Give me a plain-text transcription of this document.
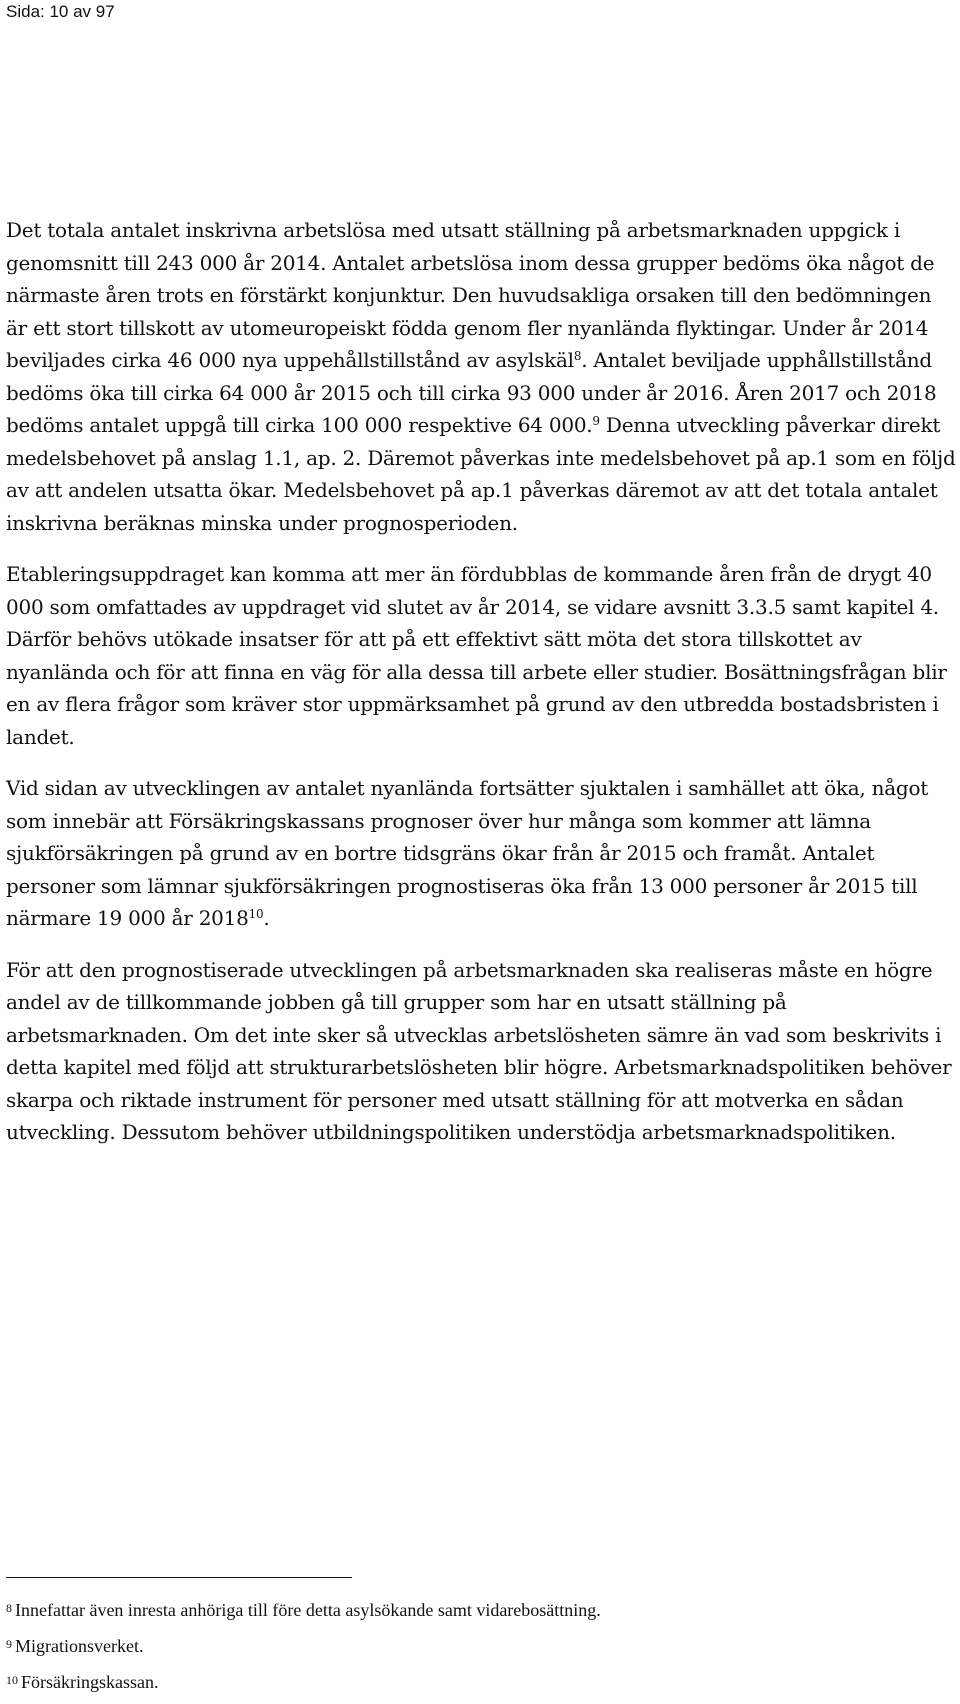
Sida: 10 av 97

Det totala antalet inskrivna arbetslösa med utsatt ställning på arbetsmarknaden uppgick i genomsnitt till 243 000 år 2014. Antalet arbetslösa inom dessa grupper bedöms öka något de närmaste åren trots en förstärkt konjunktur. Den huvudsakliga orsaken till den bedömningen är ett stort tillskott av utomeuropeiskt födda genom fler nyanlända flyktingar. Under år 2014 beviljades cirka 46 000 nya uppehållstillstånd av asylskäl$^8$. Antalet beviljade upphållstillstånd bedöms öka till cirka 64 000 år 2015 och till cirka 93 000 under år 2016. Åren 2017 och 2018 bedöms antalet uppgå till cirka 100 000 respektive 64 000.$^9$ Denna utveckling påverkar direkt medelsbehovet på anslag 1.1, ap. 2. Däremot påverkas inte medelsbehovet på ap.1 som en följd av att andelen utsatta ökar. Medelsbehovet på ap.1 påverkas däremot av att det totala antalet inskrivna beräknas minska under prognosperioden.

Etableringsuppdraget kan komma att mer än fördubblas de kommande åren från de drygt 40 000 som omfattades av uppdraget vid slutet av år 2014, se vidare avsnitt 3.3.5 samt kapitel 4. Därför behövs utökade insatser för att på ett effektivt sätt möta det stora tillskottet av nyanlända och för att finna en väg för alla dessa till arbete eller studier. Bosättningsfrågan blir en av flera frågor som kräver stor uppmärksamhet på grund av den utbredda bostadsbristen i landet.

Vid sidan av utvecklingen av antalet nyanlända fortsätter sjuktalen i samhället att öka, något som innebär att Försäkringskassans prognoser över hur många som kommer att lämna sjukförsäkringen på grund av en bortre tidsgräns ökar från år 2015 och framåt. Antalet personer som lämnar sjukförsäkringen prognostiseras öka från 13 000 personer år 2015 till närmare 19 000 år 2018$^{10}$.

För att den prognostiserade utvecklingen på arbetsmarknaden ska realiseras måste en högre andel av de tillkommande jobben gå till grupper som har en utsatt ställning på arbetsmarknaden. Om det inte sker så utvecklas arbetslösheten sämre än vad som beskrivits i detta kapitel med följd att strukturarbetslösheten blir högre. Arbetsmarknadspolitiken behöver skarpa och riktade instrument för personer med utsatt ställning för att motverka en sådan utveckling. Dessutom behöver utbildningspolitiken understödja arbetsmarknadspolitiken.

$^8$ Innefattar även inresta anhöriga till före detta asylsökande samt vidarebosättning.

$^9$ Migrationsverket.

$^{10}$ Försäkringskassan.
